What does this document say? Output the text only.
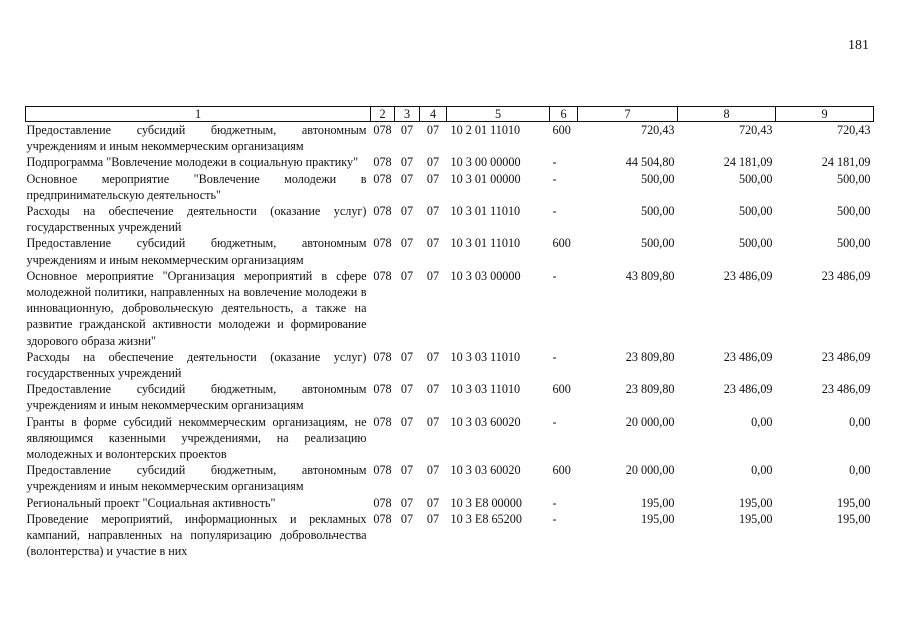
181
1	2	3	4	5	6	7	8	9
Предоставление субсидий бюджетным, автономным учреждениям и иным некоммерческим организациям	078	07	07	10 2 01 11010	600	720,43	720,43	720,43
Подпрограмма "Вовлечение молодежи в социальную практику"	078	07	07	10 3 00 00000	-	44 504,80	24 181,09	24 181,09
Основное мероприятие "Вовлечение молодежи в предпринимательскую деятельность"	078	07	07	10 3 01 00000	-	500,00	500,00	500,00
Расходы на обеспечение деятельности (оказание услуг) государственных учреждений	078	07	07	10 3 01 11010	-	500,00	500,00	500,00
Предоставление субсидий бюджетным, автономным учреждениям и иным некоммерческим организациям	078	07	07	10 3 01 11010	600	500,00	500,00	500,00
Основное мероприятие "Организация мероприятий в сфере молодежной политики, направленных на вовлечение молодежи в инновационную, добровольческую деятельность, а также на развитие гражданской активности молодежи и формирование здорового образа жизни"	078	07	07	10 3 03 00000	-	43 809,80	23 486,09	23 486,09
Расходы на обеспечение деятельности (оказание услуг) государственных учреждений	078	07	07	10 3 03 11010	-	23 809,80	23 486,09	23 486,09
Предоставление субсидий бюджетным, автономным учреждениям и иным некоммерческим организациям	078	07	07	10 3 03 11010	600	23 809,80	23 486,09	23 486,09
Гранты в форме субсидий некоммерческим организациям, не являющимся казенными учреждениями, на реализацию молодежных и волонтерских проектов	078	07	07	10 3 03 60020	-	20 000,00	0,00	0,00
Предоставление субсидий бюджетным, автономным учреждениям и иным некоммерческим организациям	078	07	07	10 3 03 60020	600	20 000,00	0,00	0,00
Региональный проект "Социальная активность"	078	07	07	10 3 E8 00000	-	195,00	195,00	195,00
Проведение мероприятий, информационных и рекламных кампаний, направленных на популяризацию добровольчества (волонтерства) и участие в них	078	07	07	10 3 E8 65200	-	195,00	195,00	195,00
